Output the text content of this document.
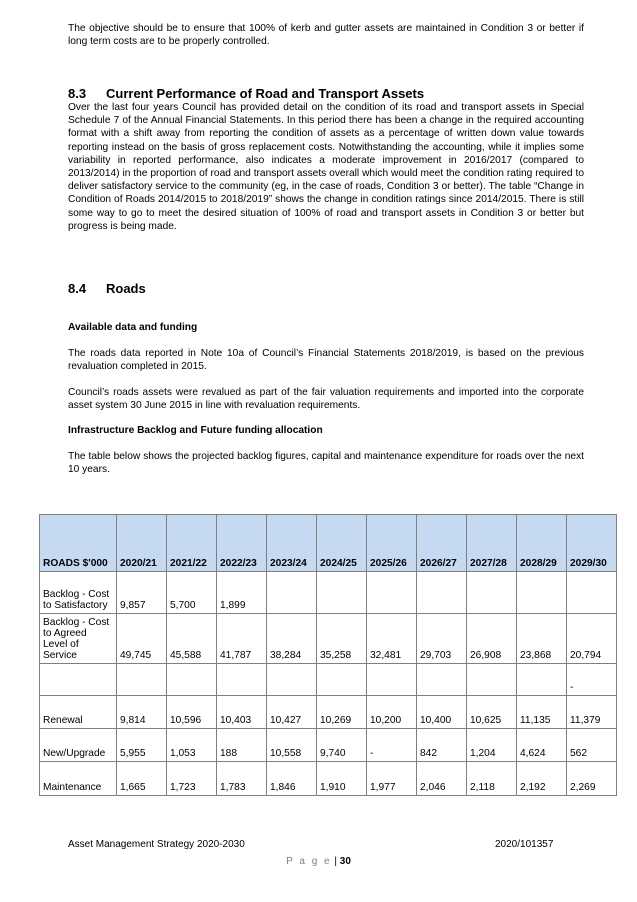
The objective should be to ensure that 100% of kerb and gutter assets are maintained in Condition 3 or better if long term costs are to be properly controlled.

8.3 Current Performance of Road and Transport Assets

Over the last four years Council has provided detail on the condition of its road and transport assets in Special Schedule 7 of the Annual Financial Statements. In this period there has been a change in the required accounting format with a shift away from reporting the condition of assets as a percentage of written down value towards reporting instead on the basis of gross replacement costs. Notwithstanding the accounting, while it implies some variability in reported performance, also indicates a moderate improvement in 2016/2017 (compared to 2013/2014) in the proportion of road and transport assets overall which would meet the condition rating required to deliver satisfactory service to the community (eg, in the case of roads, Condition 3 or better). The table “Change in Condition of Roads 2014/2015 to 2018/2019” shows the change in condition ratings since 2014/2015. There is still some way to go to meet the desired situation of 100% of road and transport assets in Condition 3 or better but progress is being made.

8.4 Roads
Available data and funding

The roads data reported in Note 10a of Council’s Financial Statements 2018/2019, is based on the previous revaluation completed in 2015.

Council’s roads assets were revalued as part of the fair valuation requirements and imported into the corporate asset system 30 June 2015 in line with revaluation requirements.

Infrastructure Backlog and Future funding allocation

The table below shows the projected backlog figures, capital and maintenance expenditure for roads over the next 10 years.

ROADS $'000	2020/21	2021/22	2022/23	2023/24	2024/25	2025/26	2026/27	2027/28	2028/29	2029/30
Backlog - Cost to Satisfactory	9,857	5,700	1,899							
Backlog - Cost to Agreed Level of Service	49,745	45,588	41,787	38,284	35,258	32,481	29,703	26,908	23,868	20,794
										-
Renewal	9,814	10,596	10,403	10,427	10,269	10,200	10,400	10,625	11,135	11,379
New/Upgrade	5,955	1,053	188	10,558	9,740	-	842	1,204	4,624	562
Maintenance	1,665	1,723	1,783	1,846	1,910	1,977	2,046	2,118	2,192	2,269
Asset Management Strategy 2020-2030	2020/101357
P a g e | 30
